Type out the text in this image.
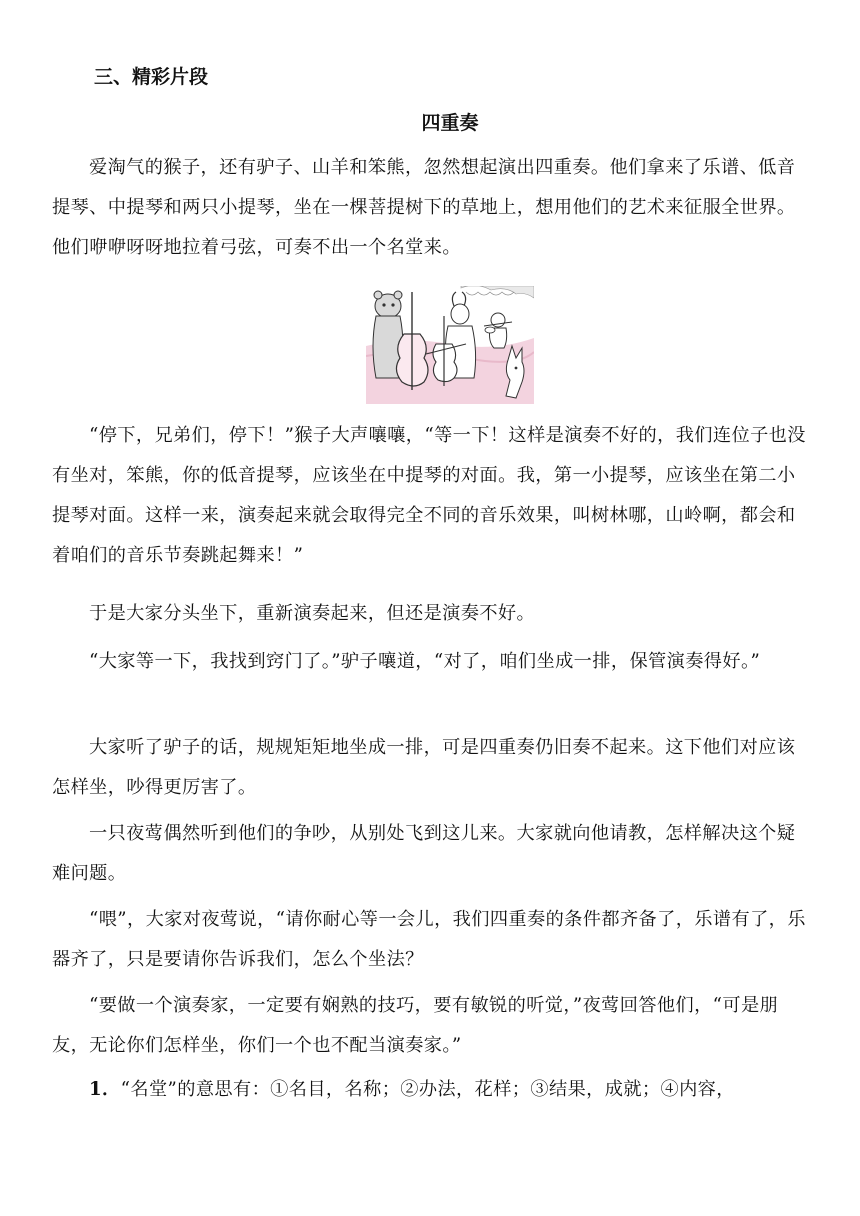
三、精彩片段
四重奏

爱淘气的猴子，还有驴子、山羊和笨熊，忽然想起演出四重奏。他们拿来了乐谱、低音提琴、中提琴和两只小提琴，坐在一棵菩提树下的草地上，想用他们的艺术来征服全世界。他们咿咿呀呀地拉着弓弦，可奏不出一个名堂来。

“停下，兄弟们，停下！”猴子大声嚷嚷，“等一下！这样是演奏不好的，我们连位子也没有坐对，笨熊，你的低音提琴，应该坐在中提琴的对面。我，第一小提琴，应该坐在第二小提琴对面。这样一来，演奏起来就会取得完全不同的音乐效果，叫树林哪，山岭啊，都会和着咱们的音乐节奏跳起舞来！”

于是大家分头坐下，重新演奏起来，但还是演奏不好。

“大家等一下，我找到窍门了。”驴子嚷道，“对了，咱们坐成一排，保管演奏得好。”

大家听了驴子的话，规规矩矩地坐成一排，可是四重奏仍旧奏不起来。这下他们对应该怎样坐，吵得更厉害了。

一只夜莺偶然听到他们的争吵，从别处飞到这儿来。大家就向他请教，怎样解决这个疑难问题。

“喂”，大家对夜莺说，“请你耐心等一会儿，我们四重奏的条件都齐备了，乐谱有了，乐器齐了，只是要请你告诉我们，怎么个坐法？

“要做一个演奏家，一定要有娴熟的技巧，要有敏锐的听觉，”夜莺回答他们，“可是朋友，无论你们怎样坐，你们一个也不配当演奏家。”

1．“名堂”的意思有：①名目，名称；②办法，花样；③结果，成就；④内容，
